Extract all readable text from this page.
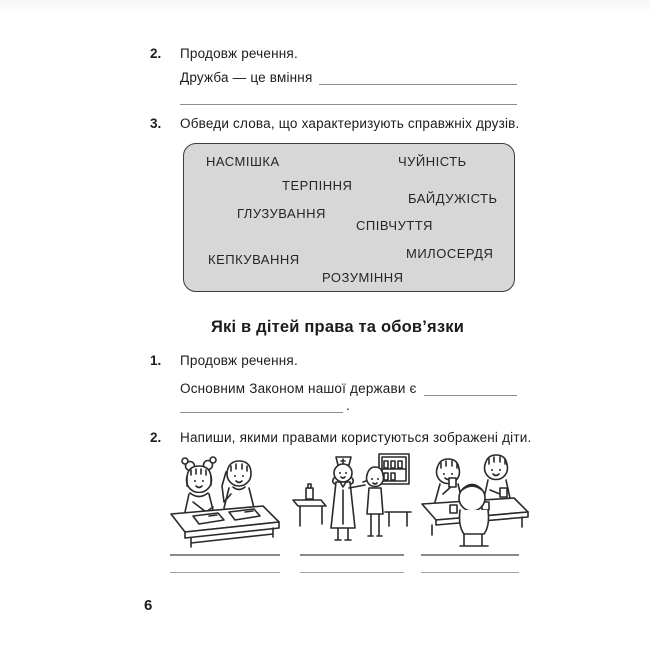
2. Продовж речення.
Дружба — це вміння
3. Обведи слова, що характеризують справжніх друзів.
НАСМІШКА	ЧУЙНІСТЬ
ТЕРПІННЯ
БАЙДУЖІСТЬ
ГЛУЗУВАННЯ
СПІВЧУТТЯ
КЕПКУВАННЯ	МИЛОСЕРДЯ
РОЗУМІННЯ
Які в дітей права та обов’язки
1. Продовж речення.
Основним Законом нашої держави є
.
2. Напиши, якими правами користуються зображені діти.
6
